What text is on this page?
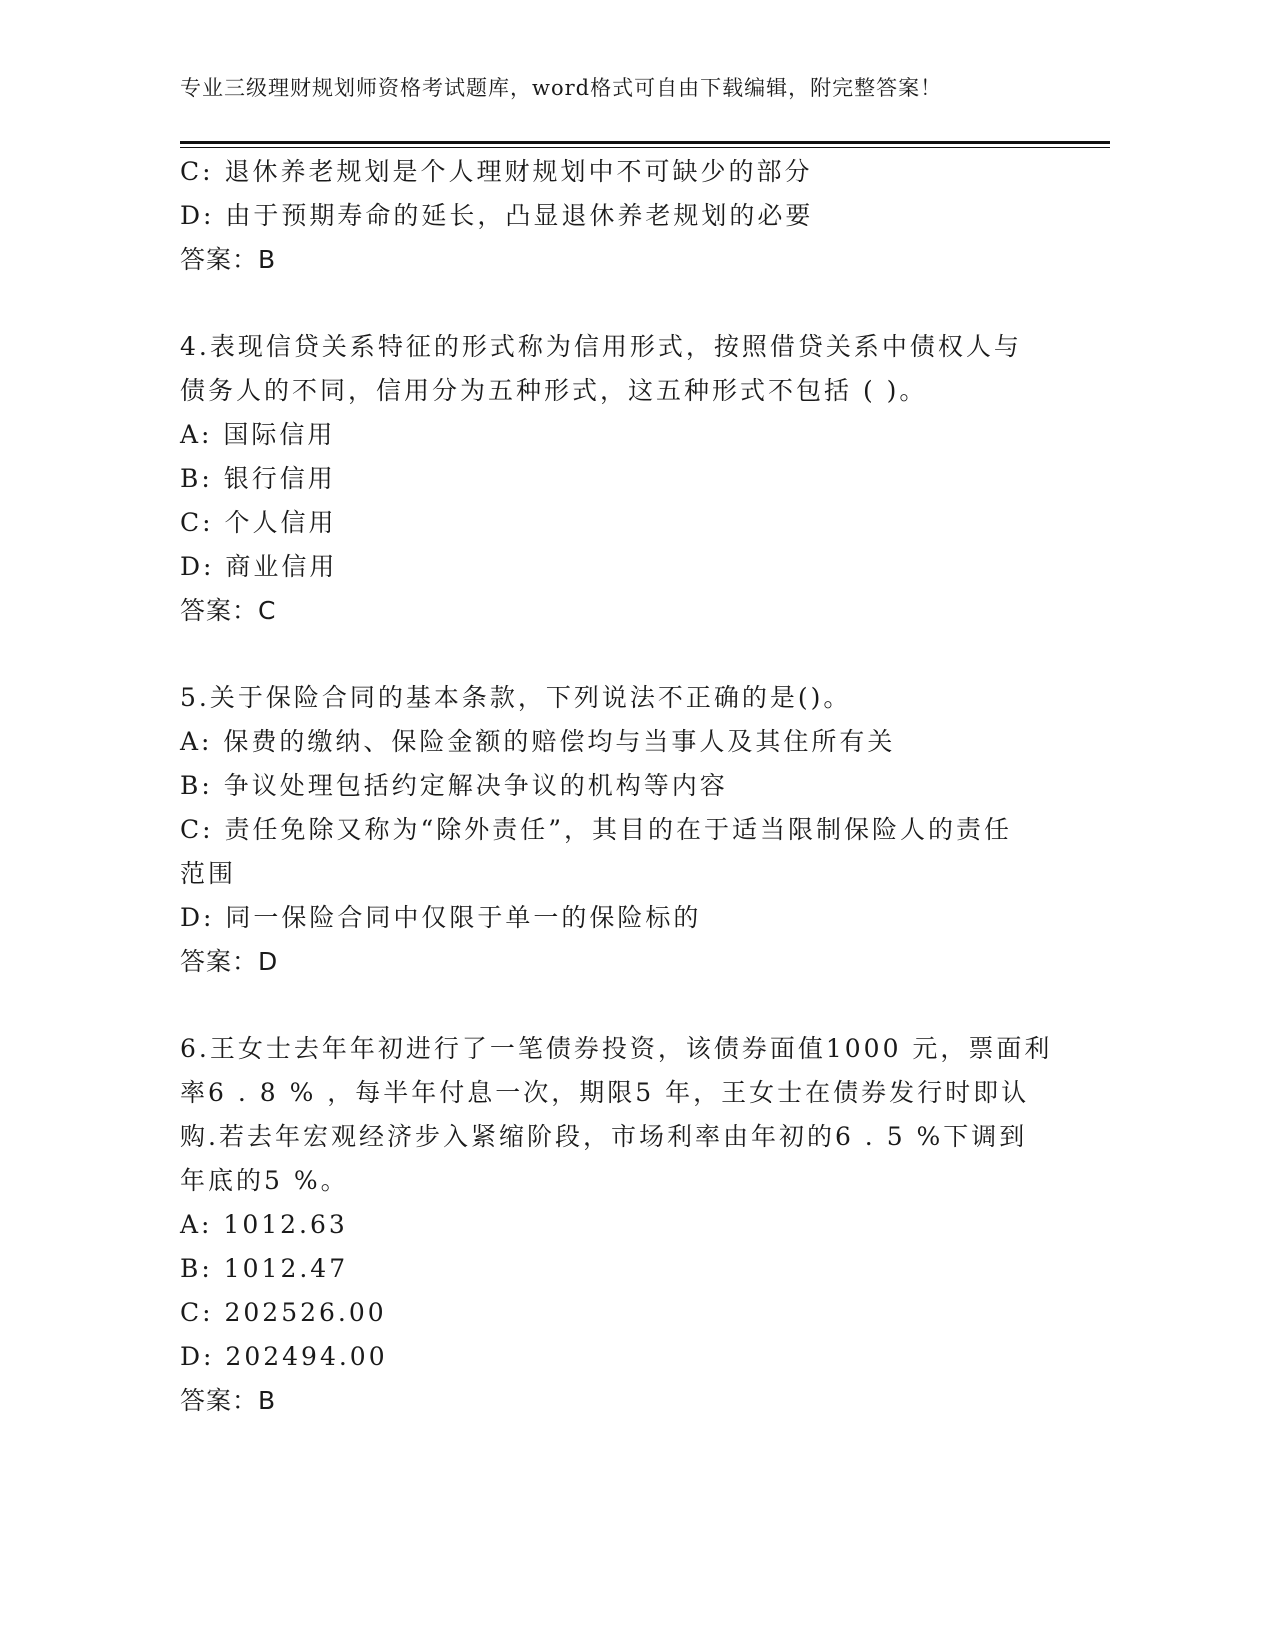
专业三级理财规划师资格考试题库，word格式可自由下载编辑，附完整答案！
C: 退休养老规划是个人理财规划中不可缺少的部分
D: 由于预期寿命的延长，凸显退休养老规划的必要
答案：B
4.表现信贷关系特征的形式称为信用形式，按照借贷关系中债权人与
债务人的不同，信用分为五种形式，这五种形式不包括 ( )。
A: 国际信用
B: 银行信用
C: 个人信用
D: 商业信用
答案：C
5.关于保险合同的基本条款，下列说法不正确的是()。
A: 保费的缴纳、保险金额的赔偿均与当事人及其住所有关
B: 争议处理包括约定解决争议的机构等内容
C: 责任免除又称为“除外责任”，其目的在于适当限制保险人的责任
范围
D: 同一保险合同中仅限于单一的保险标的
答案：D
6.王女士去年年初进行了一笔债券投资，该债券面值1000 元，票面利
率6 . 8 % ，每半年付息一次，期限5 年，王女士在债券发行时即认
购.若去年宏观经济步入紧缩阶段，市场利率由年初的6 . 5 %下调到
年底的5 %。
A: 1012.63
B: 1012.47
C: 202526.00
D: 202494.00
答案：B
